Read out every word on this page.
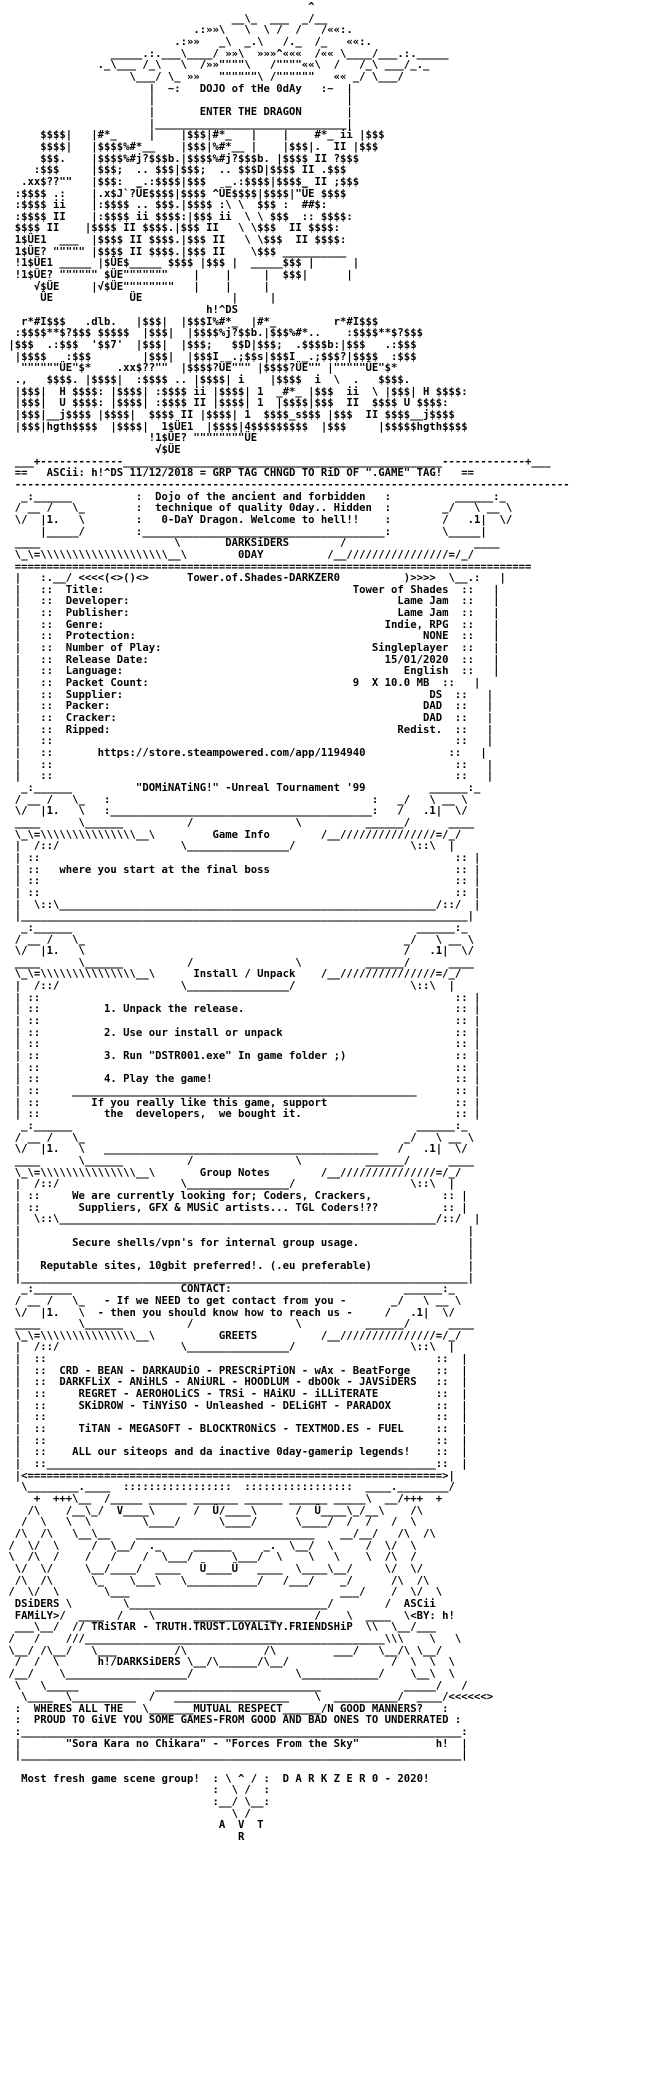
^
__\_  ___  _/__
.:»»\   \  \ /  /   /««:.
.:»»   _\  _.\   /._  /_   ««:.
_____.:.___\____/ »»\  »»»^«««  /«« \____/___.:._____
._\___ /_\   \  /»»""""\   /""""««\  /   /_\ ___/_._
\___/ \_ »»   """"""\ /""""""   «« _/ \___/
|  ~:   DOJO of tHe 0dAy   :~  |
|                              |
|       ENTER THE DRAGON       |
|______________________________|
$$$$|   |#*_     |    |$$$|#*_   |    |    #*_ ii |$$$
$$$$|   |$$$$%#*__    |$$$|%#*__ |    |$$$|.  II |$$$
$$$.    |$$$$%#j?$$$b.|$$$$%#j?$$$b. |$$$$ II ?$$$
:$$$     |$$$;  .. $$$|$$$;  .. $$$D|$$$$ II .$$$
.xx$??""   |$$$:  _.:$$$$|$$$   _.:$$$$|$$$$_ II ;$$$
:$$$$ .:    |.x$J`?ÜE$$$$|$$$$ ^ÜE$$$$|$$$$|"ÜE $$$$
:$$$$ ii    |:$$$$ .. $$$.|$$$$ :\ \  $$$ :  ##$:
:$$$$ II    |:$$$$ ii $$$$:|$$$ ii  \ \ $$$  :: $$$$:
$$$$ II    |$$$$ II $$$$.|$$$ II   \ \$$$  II $$$$:
1$ÜE1  ___  |$$$$ II $$$$.|$$$ II   \ \$$$  II $$$$:
1$ÜE? """"" |$$$$ II $$$$.|$$$ II    \$$$ __________
!1$ÜE1 _____ |$ÜE$_____ $$$$ |$$$ |  _____$$$ |      |
!1$ÜE? """""" $ÜE"""""""    |    |     |  $$$|      |
√$ÜE     |√$ÜE""""""""   |    |     |
ÜE            ÜE              |     |
h!^DS
r*#I$$$   .dlb.   |$$$|  |$$$I%#*_  |#*_         r*#I$$$
:$$$$**$?$$$ $$$$$  |$$$|  |$$$$%j?$$b.|$$$%#*..    :$$$$**$?$$$
|$$$  .:$$$  '$$7'  |$$$|  |$$$;   $$D|$$$;  .$$$$b:|$$$   .:$$$
|$$$$   :$$$        |$$$|  |$$$I _.;$$s|$$$I _.;$$$?|$$$$  :$$$
""""""ÜE"$*    .xx$??""  |$$$$?ÜE""" |$$$$?ÜE"" |"""""ÜE"$*
.,   $$$$. |$$$$|  :$$$$ .. |$$$$| i    |$$$$  i  \  .   $$$$.
|$$$|  H $$$$: |$$$$| :$$$$ ii |$$$$| 1  _#*_ |$$$  ii  \ |$$$| H $$$$:
|$$$|  U $$$$: |$$$$| :$$$$ II |$$$$| 1  |$$$$|$$$  II  $$$$ U $$$$:
|$$$|__j$$$$ |$$$$|  $$$$ II |$$$$| 1  $$$$_s$$$ |$$$  II $$$$__j$$$$
|$$$|hgth$$$$  |$$$$|  1$ÜE1  |$$$$|4$$$$$$$$$  |$$$     |$$$$$hgth$$$$
!1$ÜE? """"""""ÜE
√$ÜE
___+-------------__________________________________________________-------------+___
==   ASCii: h!^DS 11/12/2018 = GRP TAG CHNGD TO RiD OF ".GAME" TAG!   ==
---------------------------------------------------------------------------------------
_:______          :  Dojo of the ancient and forbidden   :          ______:_
/ __ /   \_        :  technique of quality 0day.. Hidden  :        _/   \ __ \
\/  |1.   \        :   0-DaY Dragon. Welcome to hell!!    :        /   .1|  \/
|_____/        :______________________________________:        \_____|
____                     \       DARKSiDERS        /                    ____
\_\=\\\\\\\\\\\\\\\\\\\\__\        0DAY          /__////////////////=/_/
=================================================================================
|   :.__/ <<<<(<>()<>      Tower.of.Shades-DARKZER0          )>>>>  \__.:   |
|   ::  Title:                                       Tower of Shades  ::   |
|   ::  Developer:                                          Lame Jam  ::   |
|   ::  Publisher:                                          Lame Jam  ::   |
|   ::  Genre:                                            Indie, RPG  ::   |
|   ::  Protection:                                             NONE  ::   |
|   ::  Number of Play:                                 Singleplayer  ::   |
|   ::  Release Date:                                     15/01/2020  ::   |
|   ::  Language:                                            English  ::   |
|   ::  Packet Count:                                9  X 10.0 MB  ::   |
|   ::  Supplier:                                                DS  ::   |
|   ::  Packer:                                                 DAD  ::   |
|   ::  Cracker:                                                DAD  ::   |
|   ::  Ripped:                                             Redist.  ::   |
|   ::                                                               ::   |
|   ::       https://store.steampowered.com/app/1194940             ::   |
|   ::                                                               ::   |
|   ::                                                               ::   |
_:______          "DOMiNATiNG!" -Unreal Tournament '99          ______:_
/ __ /   \_   :                                         :   _/   \ __ \
\/  |1.   \   :_________________________________________:   /   .1|  \/
____      \______          /                \          ______/      ____
\_\=\\\\\\\\\\\\\\\__\         Game Info        /__///////////////=/_/
|  /::/                   \________________/                  \::\  |
| ::                                                                 :: |
| ::   where you start at the final boss                             :: |
| ::                                                                 :: |
| ::                                                                 :: |
|  \::\___________________________________________________________/::/  |
|______________________________________________________________________|
_:______                                                      ______:_
/ __ /   \_                                                  _/   \ __ \
\/  |1.   \                                                  /   .1|  \/
____      \______          /                \          ______/      ____
\_\=\\\\\\\\\\\\\\\__\      Install / Unpack    /__///////////////=/_/
|  /::/                   \________________/                  \::\  |
| ::                                                                 :: |
| ::          1. Unpack the release.                                 :: |
| ::                                                                 :: |
| ::          2. Use our install or unpack                           :: |
| ::                                                                 :: |
| ::          3. Run "DSTR001.exe" In game folder ;)                 :: |
| ::                                                                 :: |
| ::          4. Play the game!                                      :: |
| ::     ______________________________________________________      :: |
| ::        If you really like this game, support                    :: |
| ::          the  developers,  we bought it.                        :: |
_:______                                                      ______:_
/ __ /   \_                                                  _/   \ __ \
\/  |1.   \   ___________________________________________   /   .1|  \/
____      \______          /                \          ______/      ____
\_\=\\\\\\\\\\\\\\\__\       Group Notes        /__///////////////=/_/
|  /::/                   \________________/                  \::\  |
| ::     We are currently looking for; Coders, Crackers,           :: |
| ::      Suppliers, GFX & MUSiC artists... TGL Coders!??          :: |
|  \::\___________________________________________________________/::/  |
|                                                                      |
|        Secure shells/vpn's for internal group usage.                 |
|                                                                      |
|   Reputable sites, 10gbit preferred!. (.eu preferable)               |
|______________________________________________________________________|
_:______                 CONTACT:                           ______:_
/ __ /   \_   - If we NEED to get contact from you -       _/   \ __ \
\/  |1.   \  - then you should know how to reach us -     /   .1|  \/
____      \______          /                \          ______/      ____
\_\=\\\\\\\\\\\\\\\__\          GREETS          /__///////////////=/_/
|  /::/                   \________________/                  \::\  |
|  ::                                                             ::  |
|  ::  CRD - BEAN - DARKAUDiO - PRESCRiPTiON - wAx - BeatForge    ::  |
|  ::  DARKFLiX - ANiHLS - ANiURL - HOODLUM - dbOOk - JAVSiDERS   ::  |
|  ::     REGRET - AEROHOLiCS - TRSi - HAiKU - iLLiTERATE         ::  |
|  ::     SKiDROW - TiNYiSO - Unleashed - DELiGHT - PARADOX       ::  |
|  ::                                                             ::  |
|  ::     TiTAN - MEGASOFT - BLOCKTRONiCS - TEXTMOD.ES - FUEL     ::  |
|  ::                                                             ::  |
|  ::    ALL our siteops and da inactive 0day-gamerip legends!    ::  |
|  ::_____________________________________________________________::  |
|<=================================================================>|
\________.____  :::::::::::::::::  :::::::::::::::::  ____.________/
+  +++\__  /_____ ______ _______ ______ ______ _____\  __/+++  +
/\    /__\_/  V____\      /  Ü/____\      /  Ü____\_/__\    /\
/  \   \  \        \____/      \____/      \____/  /  /   /  \
/\  /\   \__\__    ____________________________    __/__/   /\  /\
/  \/  \     /  \__/  ._     ______     _.  \__/  \     /  \/  \
\  /\  /    /   /    /  \___/      \___/  \    \   \    \  /\  /
\/  \/     \__/____/  ____   Ü____Ü   ____  \____\__/     \/  \/
/\  /\      \_    \___\   \___________/   /___/    _/      /\  /\
/  \/  \       \___                                 ___/    /  \/  \
DSiDERS \        \_______________________________/        /  ASCii
FAMiLY>/  ____  /    \      _____________      /    \  ____  \<BY: h!
___\__/  // TRiSTAR - TRUTH.TRUST.LOYALiTY.FRIENDSHiP  \\  \__/___
/   /    ///_______________________________________________\\\    \   \
\__/ /\__/   \___         /\            /\         ___/   \__/\ \__/
/  /  \      h!/DARKSiDERS \__/\______/\__/                /  \  \  \
/__/    \___________________/                \____________/    \__\  \
\   \_____            __________________________             _____/   /
\____  \__________  /   __________________    \  __________/  ____/<<<<<<>
:  WHERES ALL THE   \_______MUTUAL RESPECT______/N GOOD MANNERS?   :
:  PROUD TO GiVE YOU SOME GAMES-FROM GOOD AND BAD ONES TO UNDERRATED :
:_____________________________________________________________________:
|       "Sora Kara no Chikara" - "Forces From the Sky"            h!  |
|_____________________________________________________________________|

Most fresh game scene group!  : \ ^ / :  D A R K Z E R 0 - 2020!
:  \ /  :
:__/ \__:
\ /
A  V  T
R
